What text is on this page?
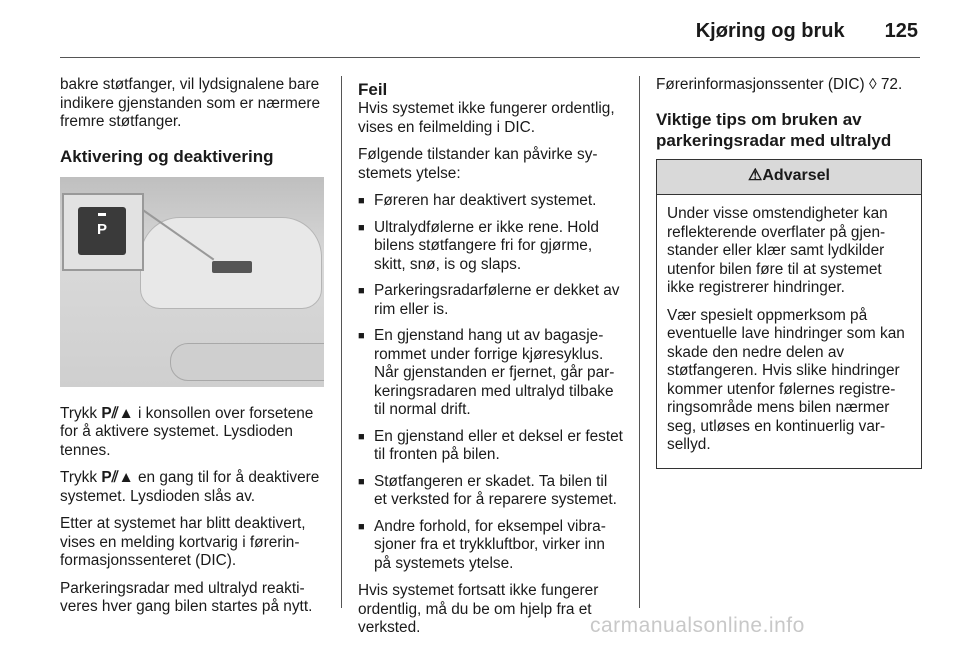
Kjøring og bruk 125

bakre støtfanger, vil lydsignalene bare indikere gjenstanden som er nærmere fremre støtfanger.

Aktivering og deaktivering
P

Trykk P⫽▲ i konsollen over forsetene for å aktivere systemet. Lysdioden tennes.

Trykk P⫽▲ en gang til for å deaktivere systemet. Lysdioden slås av.

Etter at systemet har blitt deaktivert, vises en melding kortvarig i førerinformasjonssenteret (DIC).

Parkeringsradar med ultralyd reaktiveres hver gang bilen startes på nytt.

Feil

Hvis systemet ikke fungerer ordentlig, vises en feilmelding i DIC.

Følgende tilstander kan påvirke systemets ytelse:

■ Føreren har deaktivert systemet.
■ Ultralydfølerne er ikke rene. Hold bilens støtfangere fri for gjørme, skitt, snø, is og slaps.
■ Parkeringsradarfølerne er dekket av rim eller is.
■ En gjenstand hang ut av bagasjerommet under forrige kjøresyklus. Når gjenstanden er fjernet, går parkeringsradaren med ultralyd tilbake til normal drift.
■ En gjenstand eller et deksel er festet til fronten på bilen.
■ Støtfangeren er skadet. Ta bilen til et verksted for å reparere systemet.
■ Andre forhold, for eksempel vibrasjoner fra et trykkluftbor, virker inn på systemets ytelse.

Hvis systemet fortsatt ikke fungerer ordentlig, må du be om hjelp fra et verksted.

Førerinformasjonssenter (DIC) ◊ 72.

Viktige tips om bruken av parkeringsradar med ultralyd
⚠Advarsel

Under visse omstendigheter kan reflekterende overflater på gjenstander eller klær samt lydkilder utenfor bilen føre til at systemet ikke registrerer hindringer.

Vær spesielt oppmerksom på eventuelle lave hindringer som kan skade den nedre delen av støtfangeren. Hvis slike hindringer kommer utenfor følernes registreringsområde mens bilen nærmer seg, utløses en kontinuerlig varsellyd.

carmanualsonline.info
